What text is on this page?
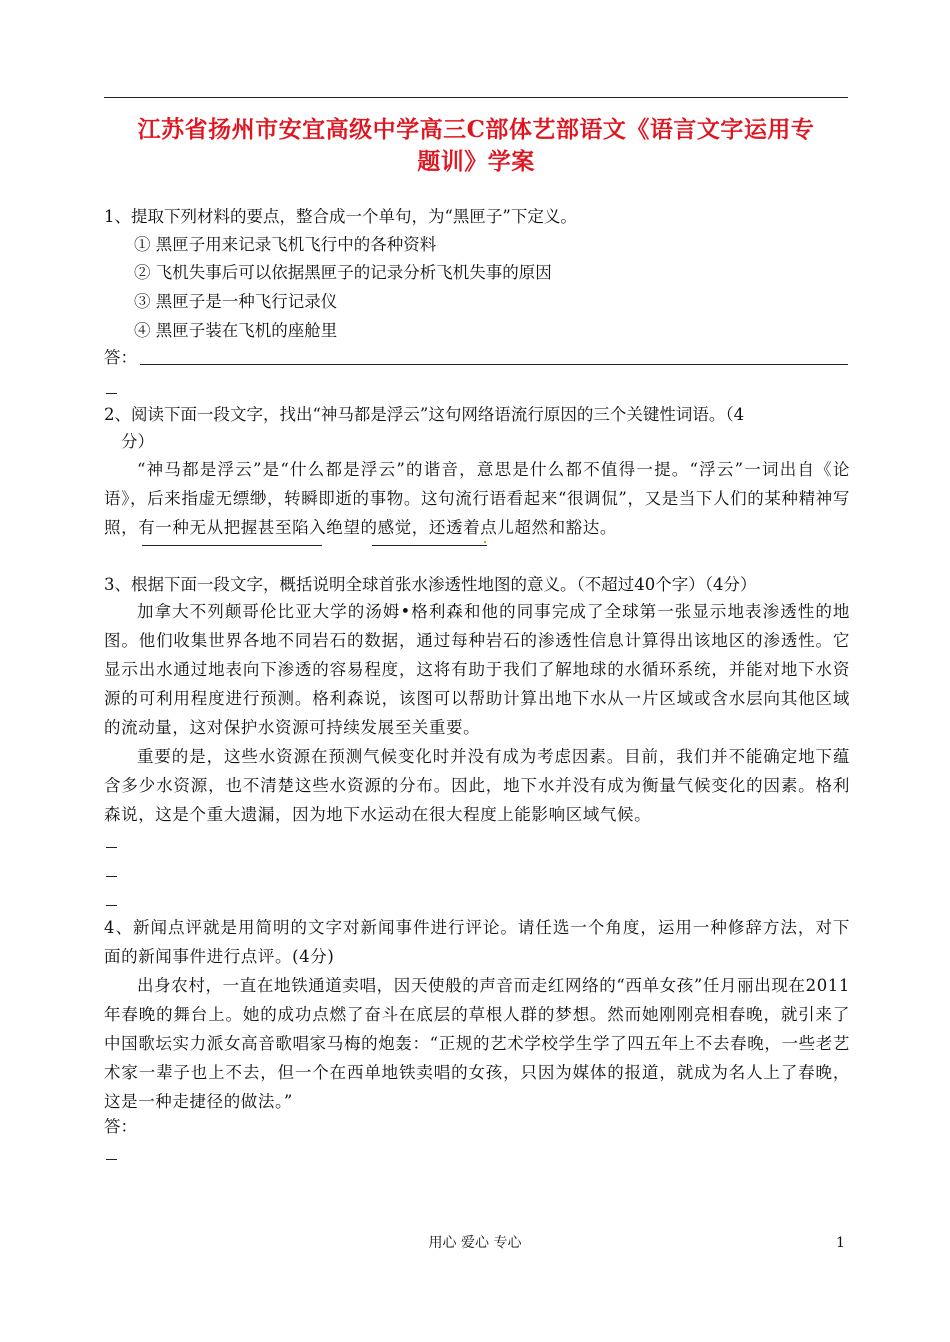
江苏省扬州市安宜高级中学高三C部体艺部语文《语言文字运用专
题训》学案
1、提取下列材料的要点，整合成一个单句，为“黑匣子”下定义。
① 黑匣子用来记录飞机飞行中的各种资料
② 飞机失事后可以依据黑匣子的记录分析飞机失事的原因
③ 黑匣子是一种飞行记录仪
④ 黑匣子装在飞机的座舱里
答：
2、阅读下面一段文字，找出“神马都是浮云”这句网络语流行原因的三个关键性词语。（4
分）

“神马都是浮云”是“什么都是浮云”的谐音，意思是什么都不值得一提。“浮云”一词出自《论语》，后来指虚无缥缈，转瞬即逝的事物。这句流行语看起来“很调侃”，又是当下人们的某种精神写照，有一种无从把握甚至陷入绝望的感觉，还透着点儿超然和豁达。

3、根据下面一段文字，概括说明全球首张水渗透性地图的意义。（不超过40个字）（4分）

加拿大不列颠哥伦比亚大学的汤姆•格利森和他的同事完成了全球第一张显示地表渗透性的地图。他们收集世界各地不同岩石的数据，通过每种岩石的渗透性信息计算得出该地区的渗透性。它显示出水通过地表向下渗透的容易程度，这将有助于我们了解地球的水循环系统，并能对地下水资源的可利用程度进行预测。格利森说，该图可以帮助计算出地下水从一片区域或含水层向其他区域的流动量，这对保护水资源可持续发展至关重要。

重要的是，这些水资源在预测气候变化时并没有成为考虑因素。目前，我们并不能确定地下蕴含多少水资源，也不清楚这些水资源的分布。因此，地下水并没有成为衡量气候变化的因素。格利森说，这是个重大遗漏，因为地下水运动在很大程度上能影响区域气候。

4、新闻点评就是用简明的文字对新闻事件进行评论。请任选一个角度，运用一种修辞方法，对下面的新闻事件进行点评。(4分)

出身农村，一直在地铁通道卖唱，因天使般的声音而走红网络的“西单女孩”任月丽出现在2011年春晚的舞台上。她的成功点燃了奋斗在底层的草根人群的梦想。然而她刚刚亮相春晚，就引来了中国歌坛实力派女高音歌唱家马梅的炮轰：“正规的艺术学校学生学了四五年上不去春晚，一些老艺术家一辈子也上不去，但一个在西单地铁卖唱的女孩，只因为媒体的报道，就成为名人上了春晚，这是一种走捷径的做法。”

答：
用心 爱心 专心	1
